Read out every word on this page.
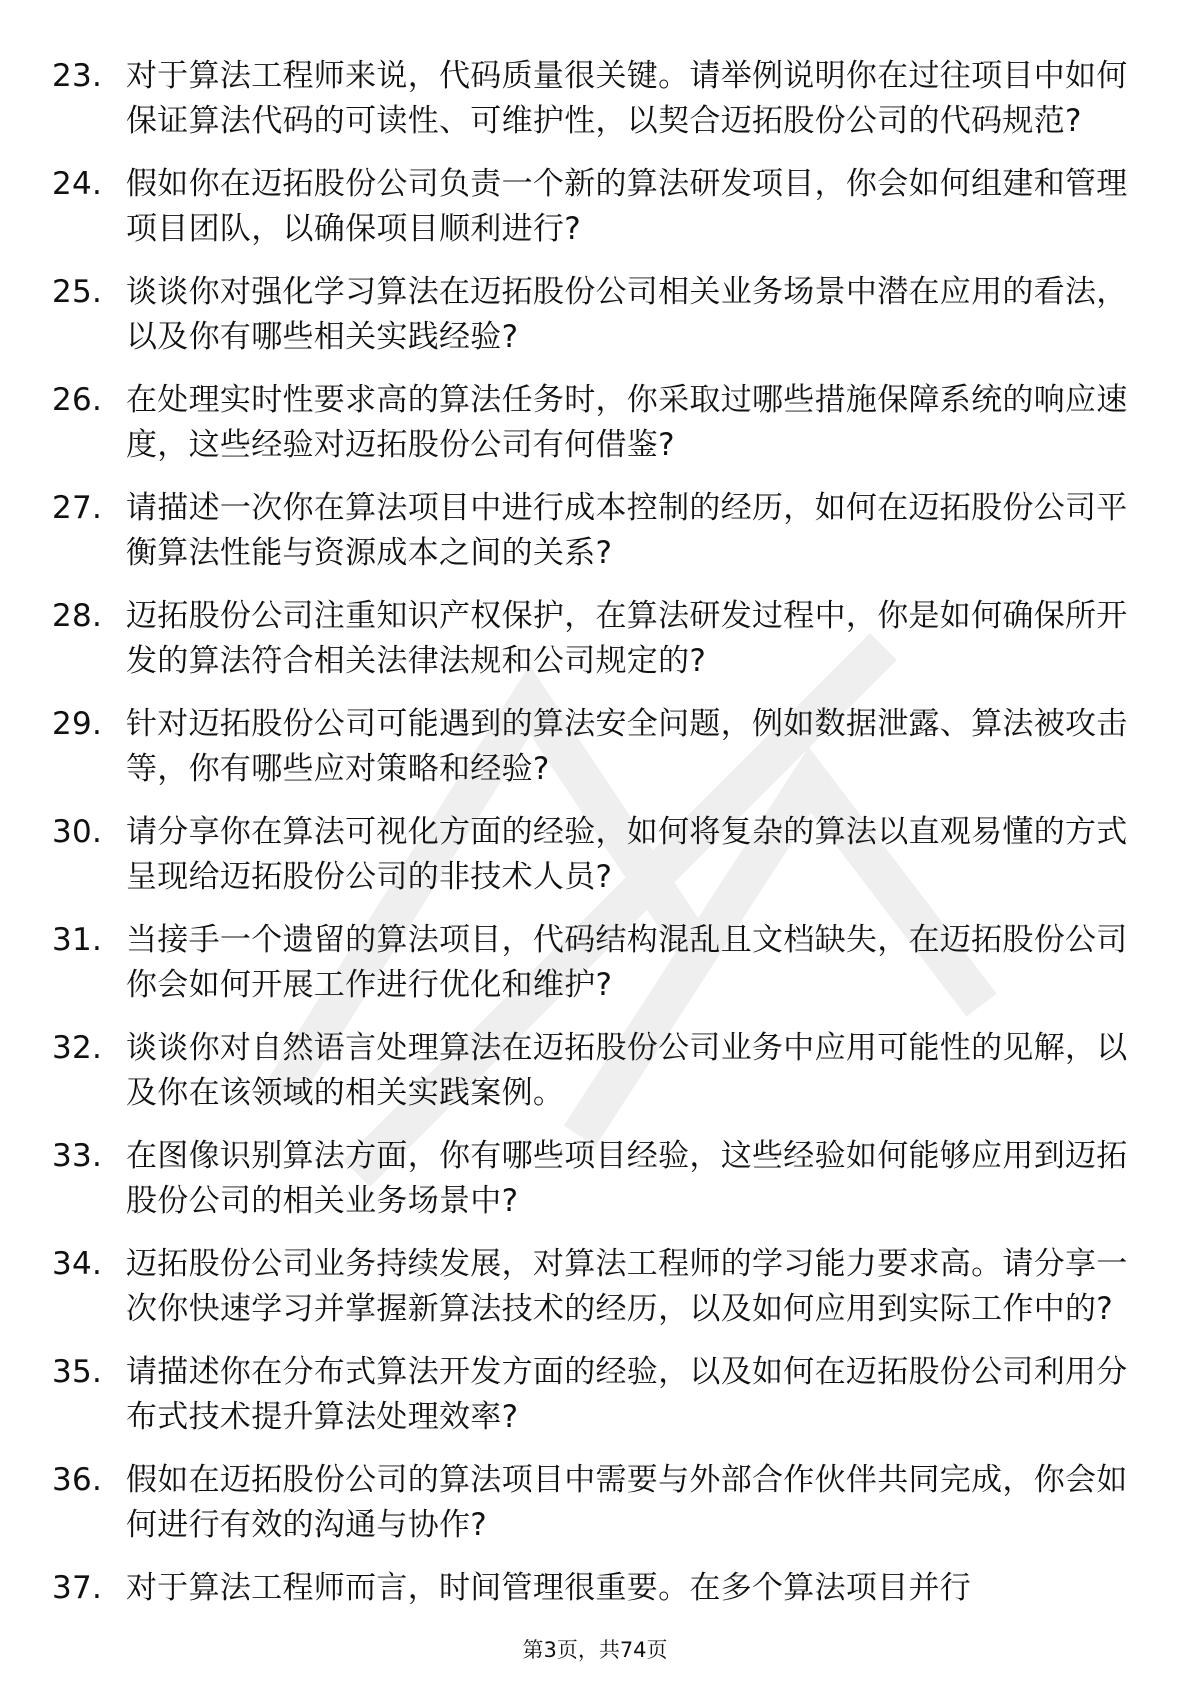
23. 对于算法工程师来说，代码质量很关键。请举例说明你在过往项目中如何保证算法代码的可读性、可维护性，以契合迈拓股份公司的代码规范?
24. 假如你在迈拓股份公司负责一个新的算法研发项目，你会如何组建和管理项目团队，以确保项目顺利进行?
25. 谈谈你对强化学习算法在迈拓股份公司相关业务场景中潜在应用的看法，以及你有哪些相关实践经验?
26. 在处理实时性要求高的算法任务时，你采取过哪些措施保障系统的响应速度，这些经验对迈拓股份公司有何借鉴?
27. 请描述一次你在算法项目中进行成本控制的经历，如何在迈拓股份公司平衡算法性能与资源成本之间的关系?
28. 迈拓股份公司注重知识产权保护，在算法研发过程中，你是如何确保所开发的算法符合相关法律法规和公司规定的?
29. 针对迈拓股份公司可能遇到的算法安全问题，例如数据泄露、算法被攻击等，你有哪些应对策略和经验?
30. 请分享你在算法可视化方面的经验，如何将复杂的算法以直观易懂的方式呈现给迈拓股份公司的非技术人员?
31. 当接手一个遗留的算法项目，代码结构混乱且文档缺失，在迈拓股份公司你会如何开展工作进行优化和维护?
32. 谈谈你对自然语言处理算法在迈拓股份公司业务中应用可能性的见解，以及你在该领域的相关实践案例。
33. 在图像识别算法方面，你有哪些项目经验，这些经验如何能够应用到迈拓股份公司的相关业务场景中?
34. 迈拓股份公司业务持续发展，对算法工程师的学习能力要求高。请分享一次你快速学习并掌握新算法技术的经历，以及如何应用到实际工作中的?
35. 请描述你在分布式算法开发方面的经验，以及如何在迈拓股份公司利用分布式技术提升算法处理效率?
36. 假如在迈拓股份公司的算法项目中需要与外部合作伙伴共同完成，你会如何进行有效的沟通与协作?
37. 对于算法工程师而言，时间管理很重要。在多个算法项目并行
第3页，共74页
